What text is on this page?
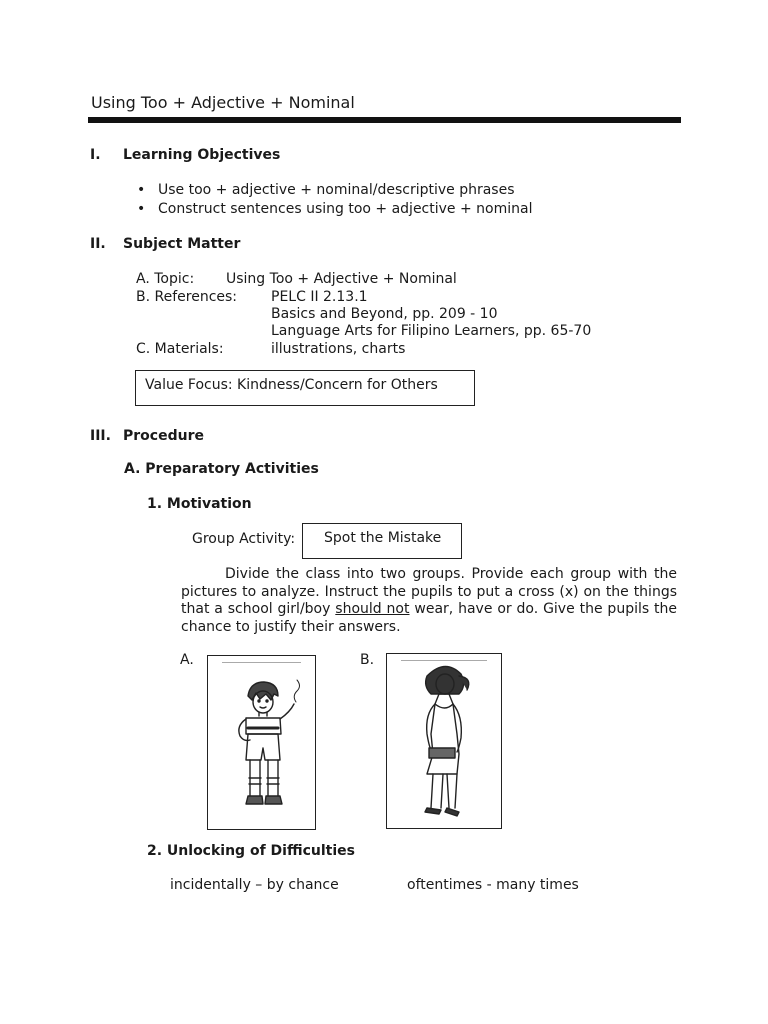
Using Too + Adjective + Nominal
I. Learning Objectives
• Use too + adjective + nominal/descriptive phrases
• Construct sentences using too + adjective + nominal
II. Subject Matter
A. Topic: Using Too + Adjective + Nominal
B. References: PELC II 2.13.1
Basics and Beyond, pp. 209 - 10
Language Arts for Filipino Learners, pp. 65-70
C. Materials:	illustrations, charts
Value Focus: Kindness/Concern for Others
III. Procedure
A. Preparatory Activities
1. Motivation
Group Activity:	Spot the Mistake
Divide the class into two groups. Provide each group with the pictures to analyze. Instruct the pupils to put a cross (x) on the things that a school girl/boy should not wear, have or do. Give the pupils the chance to justify their answers.
A.	B.
2. Unlocking of Difficulties
incidentally – by chance	oftentimes - many times
